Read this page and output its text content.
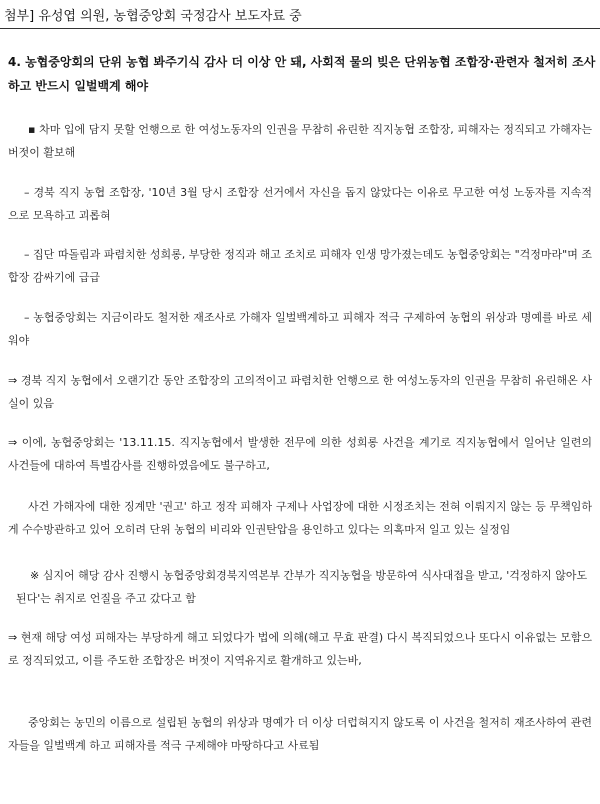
첨부] 유성엽 의원, 농협중앙회 국정감사 보도자료 중
4. 농협중앙회의 단위 농협 봐주기식 감사 더 이상 안 돼, 사회적 물의 빚은 단위농협 조합장·관련자 철저히 조사하고 반드시 일벌백계 해야
▪ 차마 입에 담지 못할 언행으로 한 여성노동자의 인권을 무참히 유린한 직지농협 조합장, 피해자는 정직되고 가해자는 버젓이 활보해
– 경북 직지 농협 조합장, '10년 3월 당시 조합장 선거에서 자신을 돕지 않았다는 이유로 무고한 여성 노동자를 지속적으로 모욕하고 괴롭혀
– 집단 따돌림과 파렴치한 성희롱, 부당한 정직과 해고 조치로 피해자 인생 망가졌는데도 농협중앙회는 "걱정마라"며 조합장 감싸기에 급급
– 농협중앙회는 지금이라도 철저한 재조사로 가해자 일벌백계하고 피해자 적극 구제하여 농협의 위상과 명예를 바로 세워야
⇒ 경북 직지 농협에서 오랜기간 동안 조합장의 고의적이고 파렴치한 언행으로 한 여성노동자의 인권을 무참히 유린해온 사실이 있음
⇒ 이에, 농협중앙회는 '13.11.15. 직지농협에서 발생한 전무에 의한 성희롱 사건을 계기로 직지농협에서 일어난 일련의 사건들에 대하여 특별감사를 진행하였음에도 불구하고,
사건 가해자에 대한 징계만 '권고' 하고 정작 피해자 구제나 사업장에 대한 시정조치는 전혀 이뤄지지 않는 등 무책임하게 수수방관하고 있어 오히려 단위 농협의 비리와 인권탄압을 용인하고 있다는 의혹마저 일고 있는 실정임
※ 심지어 해당 감사 진행시 농협중앙회경북지역본부 간부가 직지농협을 방문하여 식사대접을 받고, '걱정하지 않아도 된다'는 취지로 언질을 주고 갔다고 함
⇒ 현재 해당 여성 피해자는 부당하게 해고 되었다가 법에 의해(해고 무효 판결) 다시 복직되었으나 또다시 이유없는 모함으로 정직되었고, 이를 주도한 조합장은 버젓이 지역유지로 활개하고 있는바,
중앙회는 농민의 이름으로 설립된 농협의 위상과 명예가 더 이상 더럽혀지지 않도록 이 사건을 철저히 재조사하여 관련자들을 일벌백계 하고 피해자를 적극 구제해야 마땅하다고 사료됨
